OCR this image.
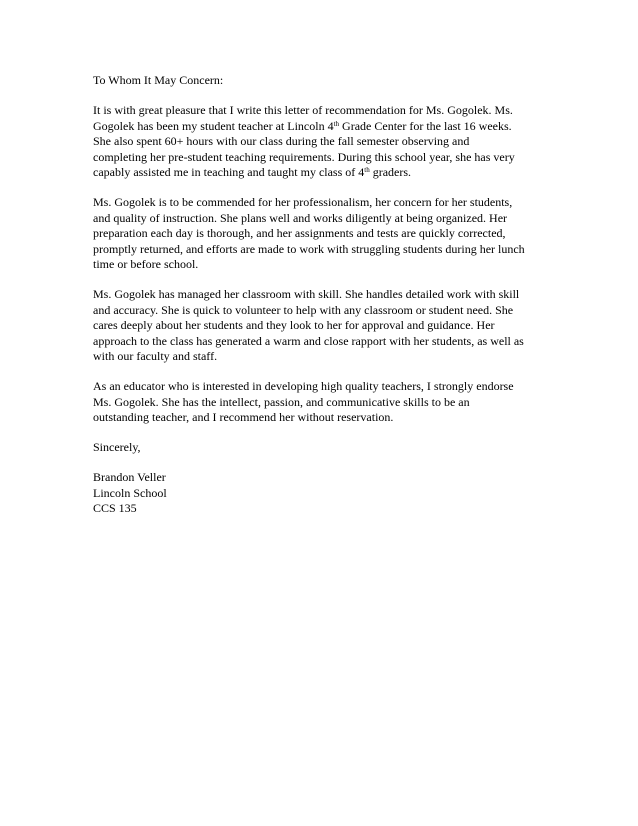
To Whom It May Concern:

It is with great pleasure that I write this letter of recommendation for Ms. Gogolek. Ms.
Gogolek has been my student teacher at Lincoln 4th Grade Center for the last 16 weeks.
She also spent 60+ hours with our class during the fall semester observing and
completing her pre-student teaching requirements. During this school year, she has very
capably assisted me in teaching and taught my class of 4th graders.

Ms. Gogolek is to be commended for her professionalism, her concern for her students,
and quality of instruction. She plans well and works diligently at being organized. Her
preparation each day is thorough, and her assignments and tests are quickly corrected,
promptly returned, and efforts are made to work with struggling students during her lunch
time or before school.

Ms. Gogolek has managed her classroom with skill. She handles detailed work with skill
and accuracy. She is quick to volunteer to help with any classroom or student need. She
cares deeply about her students and they look to her for approval and guidance. Her
approach to the class has generated a warm and close rapport with her students, as well as
with our faculty and staff.

As an educator who is interested in developing high quality teachers, I strongly endorse
Ms. Gogolek. She has the intellect, passion, and communicative skills to be an
outstanding teacher, and I recommend her without reservation.

Sincerely,

Brandon Veller
Lincoln School
CCS 135
